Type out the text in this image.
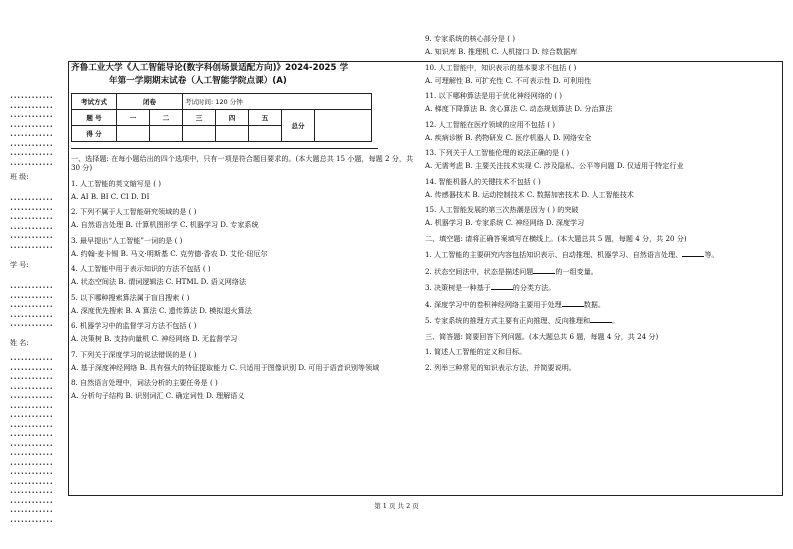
••••••••••••
••••••••••••
••••••••••••
••••••••••••
••••••••••••
••••••••••••
••••••••••••
••••••••••••
班 级:
••••••••••••
••••••••••••
••••••••••••
••••••••••••
••••••••••••
••••••••••••
学 号:
••••••••••••
••••••••••••
••••••••••••
••••••••••••
••••••••••••
姓 名:
••••••••••••
••••••••••••
••••••••••••
••••••••••••
••••••••••••
••••••••••••
••••••••••••
••••••••••••
••••••••••••
••••••••••••
••••••••••••
••••••••••••
••••••••••••
••••••••••••
••••••••••••
••••••••••••
••••••••••••
••••••••••••
齐鲁工业大学《人工智能导论(数字科创场景适配方向)》2024-2025 学
年第一学期期末试卷（人工智能学院点课）(A)
考试方式	闭卷		考试时间: 120 分钟				
题 号	一	二	三	四	五	总分	
得 分							
一、选择题: 在每小题给出的四个选项中，只有一项是符合题目要求的。(本大题总共 15 小题，每题 2 分，共 30 分)

1. 人工智能的英文缩写是 ( )

A. AI B. BI C. CI D. DI

2. 下列不属于人工智能研究领域的是 ( )

A. 自然语言处理 B. 计算机图形学 C. 机器学习 D. 专家系统

3. 最早提出“人工智能”一词的是 ( )

A. 约翰·麦卡锡 B. 马文·明斯基 C. 克劳德·香农 D. 艾伦·纽厄尔

4. 人工智能中用于表示知识的方法不包括 ( )

A. 状态空间法 B. 谓词逻辑法 C. HTML D. 语义网络法

5. 以下哪种搜索算法属于盲目搜索 ( )

A. 深度优先搜索 B. A 算法 C. 遗传算法 D. 模拟退火算法

6. 机器学习中的监督学习方法不包括 ( )

A. 决策树 B. 支持向量机 C. 神经网络 D. 无监督学习

7. 下列关于深度学习的说法错误的是 ( )

A. 基于深度神经网络 B. 具有强大的特征提取能力 C. 只适用于图像识别 D. 可用于语音识别等领域

8. 自然语言处理中，词法分析的主要任务是 ( )

A. 分析句子结构 B. 识别词汇 C. 确定词性 D. 理解语义

9. 专家系统的核心部分是 ( )

A. 知识库 B. 推理机 C. 人机接口 D. 综合数据库

10. 人工智能中，知识表示的基本要求不包括 ( )

A. 可理解性 B. 可扩充性 C. 不可表示性 D. 可利用性

11. 以下哪种算法是用于优化神经网络的 ( )

A. 梯度下降算法 B. 贪心算法 C. 动态规划算法 D. 分治算法

12. 人工智能在医疗领域的应用不包括 ( )

A. 疾病诊断 B. 药物研发 C. 医疗机器人 D. 网络安全

13. 下列关于人工智能伦理的说法正确的是 ( )

A. 无需考虑 B. 主要关注技术实现 C. 涉及隐私、公平等问题 D. 仅适用于特定行业

14. 智能机器人的关键技术不包括 ( )

A. 传感器技术 B. 运动控制技术 C. 数据加密技术 D. 人工智能技术

15. 人工智能发展的第三次热潮是因为 ( ) 的突破

A. 机器学习 B. 专家系统 C. 神经网络 D. 深度学习

二、填空题: 请将正确答案填写在横线上。(本大题总共 5 题，每题 4 分，共 20 分)
1. 人工智能的主要研究内容包括知识表示、自动推理、机器学习、自然语言处理、	等。
2. 状态空间法中，状态是描述问题	的一组变量。
3. 决策树是一种基于	的分类方法。
4. 深度学习中的卷积神经网络主要用于处理	数据。
5. 专家系统的推理方式主要有正向推理、反向推理和	。
三、简答题: 简要回答下列问题。(本大题总共 6 题，每题 4 分，共 24 分)
1. 简述人工智能的定义和目标。
2. 列举三种常见的知识表示方法，并简要说明。
第 1 页 共 2 页
